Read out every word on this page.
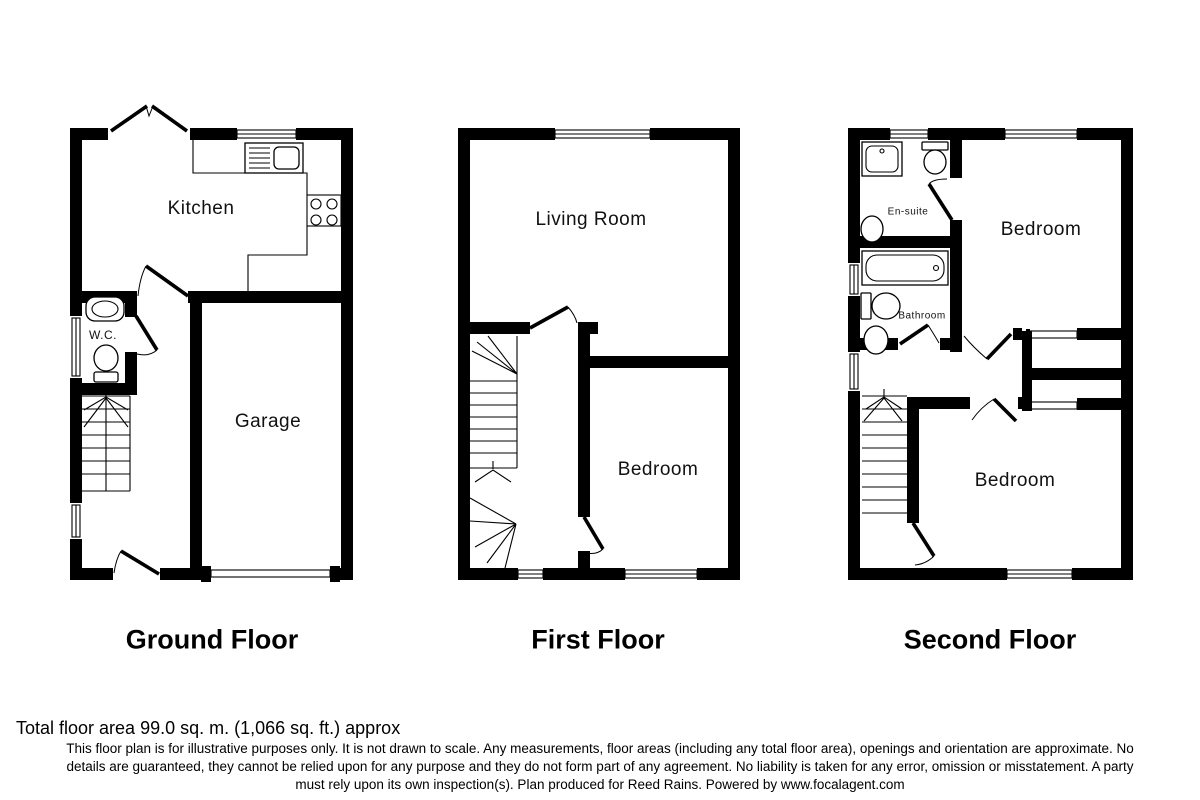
Kitchen
W.C.
Garage
Living Room
Bedroom
En-suite
Bathroom
Bedroom
Bedroom
Ground Floor	First Floor	Second Floor
Total floor area 99.0 sq. m. (1,066 sq. ft.) approx
This floor plan is for illustrative purposes only. It is not drawn to scale. Any measurements, floor areas (including any total floor area), openings and orientation are approximate. No
details are guaranteed, they cannot be relied upon for any purpose and they do not form part of any agreement. No liability is taken for any error, omission or misstatement. A party
must rely upon its own inspection(s). Plan produced for Reed Rains. Powered by www.focalagent.com
